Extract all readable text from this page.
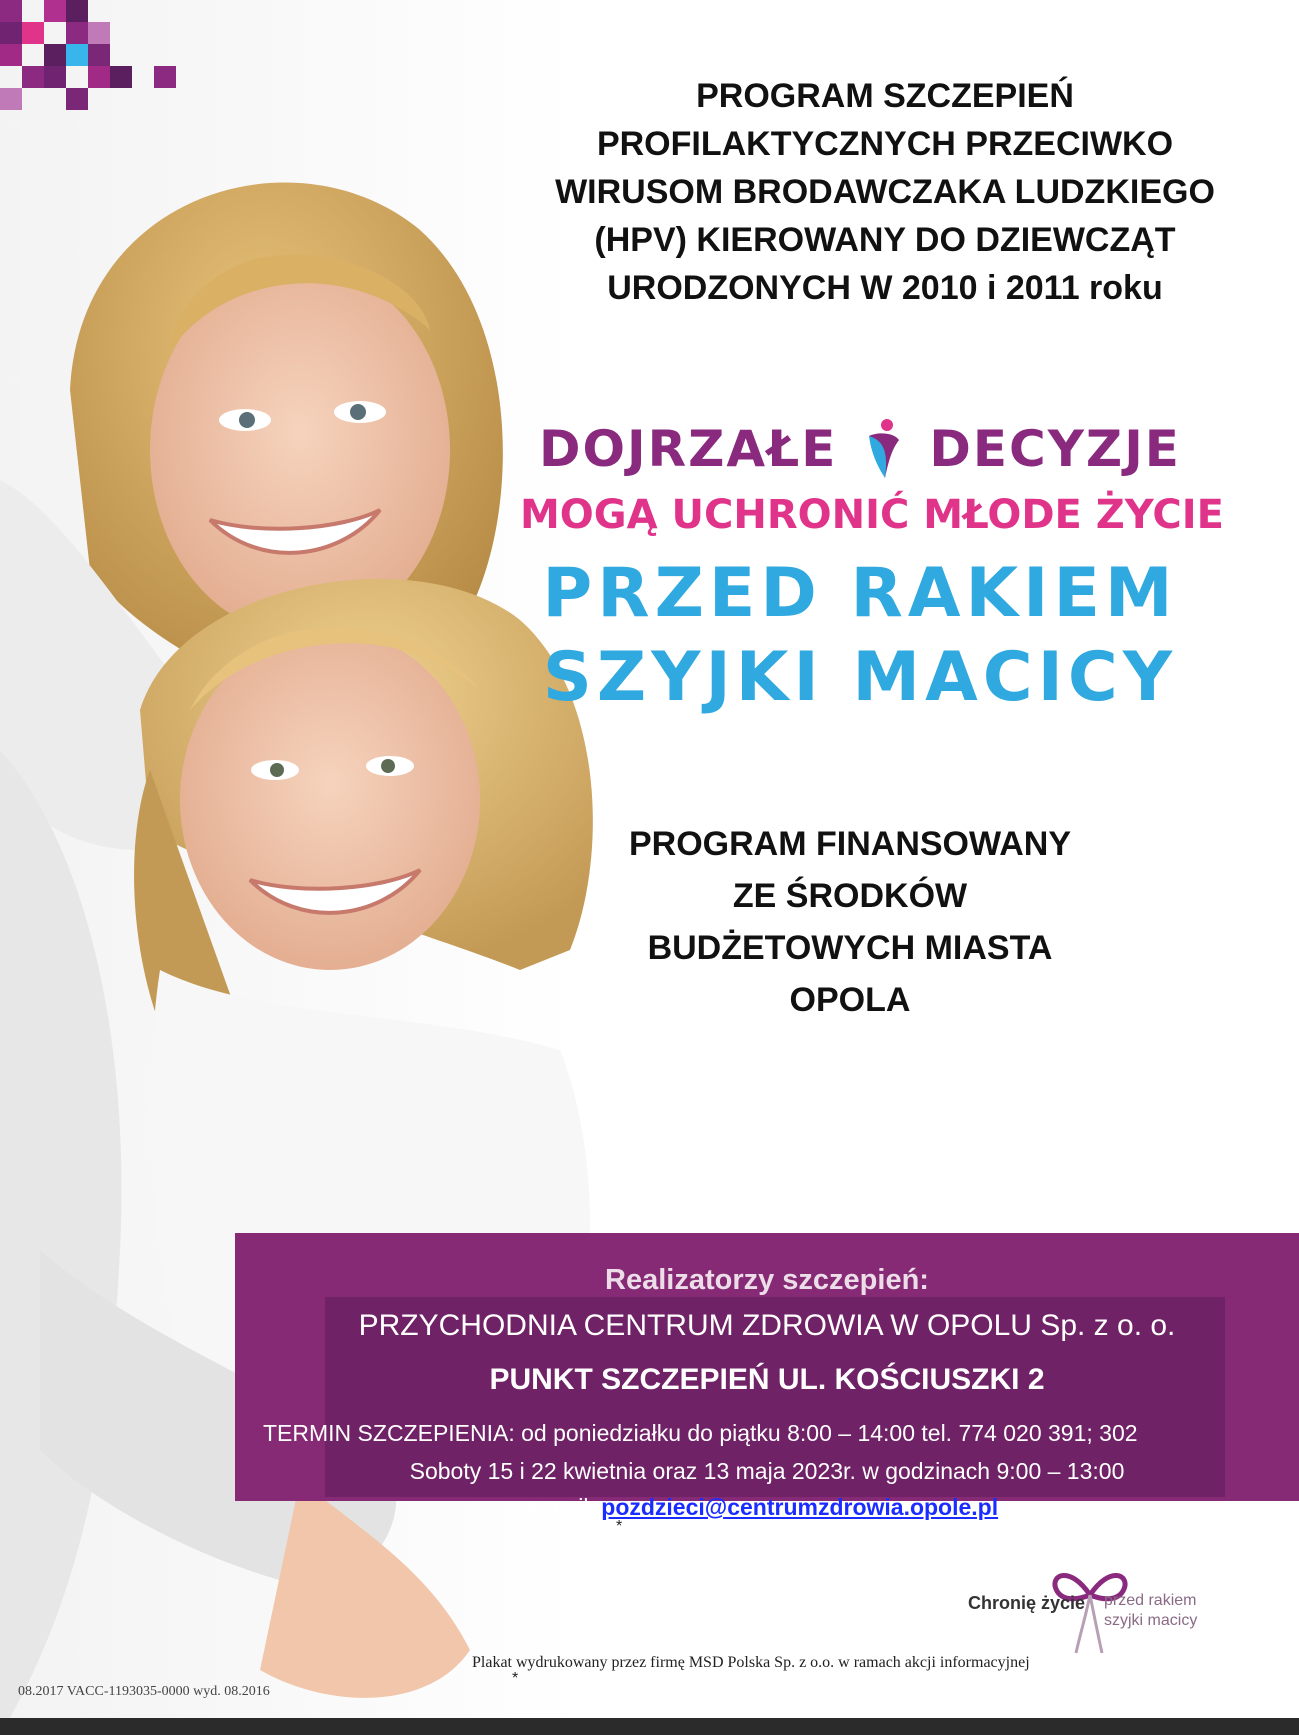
PROGRAM SZCZEPIEŃ
PROFILAKTYCZNYCH PRZECIWKO
WIRUSOM BRODAWCZAKA LUDZKIEGO
(HPV) KIEROWANY DO DZIEWCZĄT
URODZONYCH W 2010 i 2011 roku
DOJRZAŁE DECYZJE
MOGĄ UCHRONIĆ MŁODE ŻYCIE
PRZED RAKIEM
SZYJKI MACICY
PROGRAM FINANSOWANY
ZE ŚRODKÓW
BUDŻETOWYCH MIASTA
OPOLA
Realizatorzy szczepień:
PRZYCHODNIA CENTRUM ZDROWIA W OPOLU Sp. z o. o.
PUNKT SZCZEPIEŃ UL. KOŚCIUSZKI 2
TERMIN SZCZEPIENIA: od poniedziałku do piątku 8:00 – 14:00 tel. 774 020 391; 302
Soboty 15 i 22 kwietnia oraz 13 maja 2023r. w godzinach 9:00 – 13:00
e-mail: pozdzieci@centrumzdrowia.opole.pl
*
Chronię życie przed rakiem
szyjki macicy
Plakat wydrukowany przez firmę MSD Polska Sp. z o.o. w ramach akcji informacyjnej
*
08.2017 VACC-1193035-0000 wyd. 08.2016
